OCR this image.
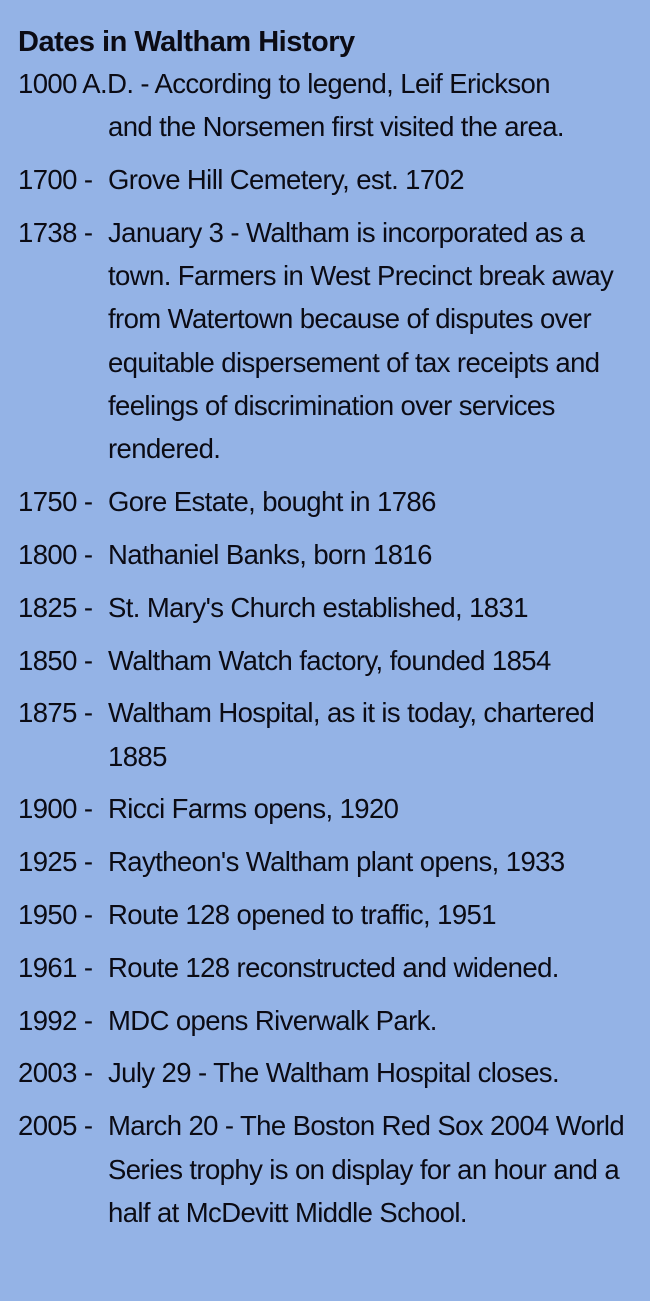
Dates in Waltham History
1000 A.D. - According to legend, Leif Erickson
and the Norsemen first visited the area.
1700 - Grove Hill Cemetery, est. 1702
1738 - January 3 - Waltham is incorporated as a town. Farmers in West Precinct break away from Watertown because of disputes over equitable dispersement of tax receipts and feelings of discrimination over services rendered.
1750 - Gore Estate, bought in 1786
1800 - Nathaniel Banks, born 1816
1825 - St. Mary's Church established, 1831
1850 - Waltham Watch factory, founded 1854
1875 - Waltham Hospital, as it is today, chartered 1885
1900 - Ricci Farms opens, 1920
1925 - Raytheon's Waltham plant opens, 1933
1950 - Route 128 opened to traffic, 1951
1961 - Route 128 reconstructed and widened.
1992 - MDC opens Riverwalk Park.
2003 - July 29 - The Waltham Hospital closes.
2005 - March 20 - The Boston Red Sox 2004 World Series trophy is on display for an hour and a half at McDevitt Middle School.
